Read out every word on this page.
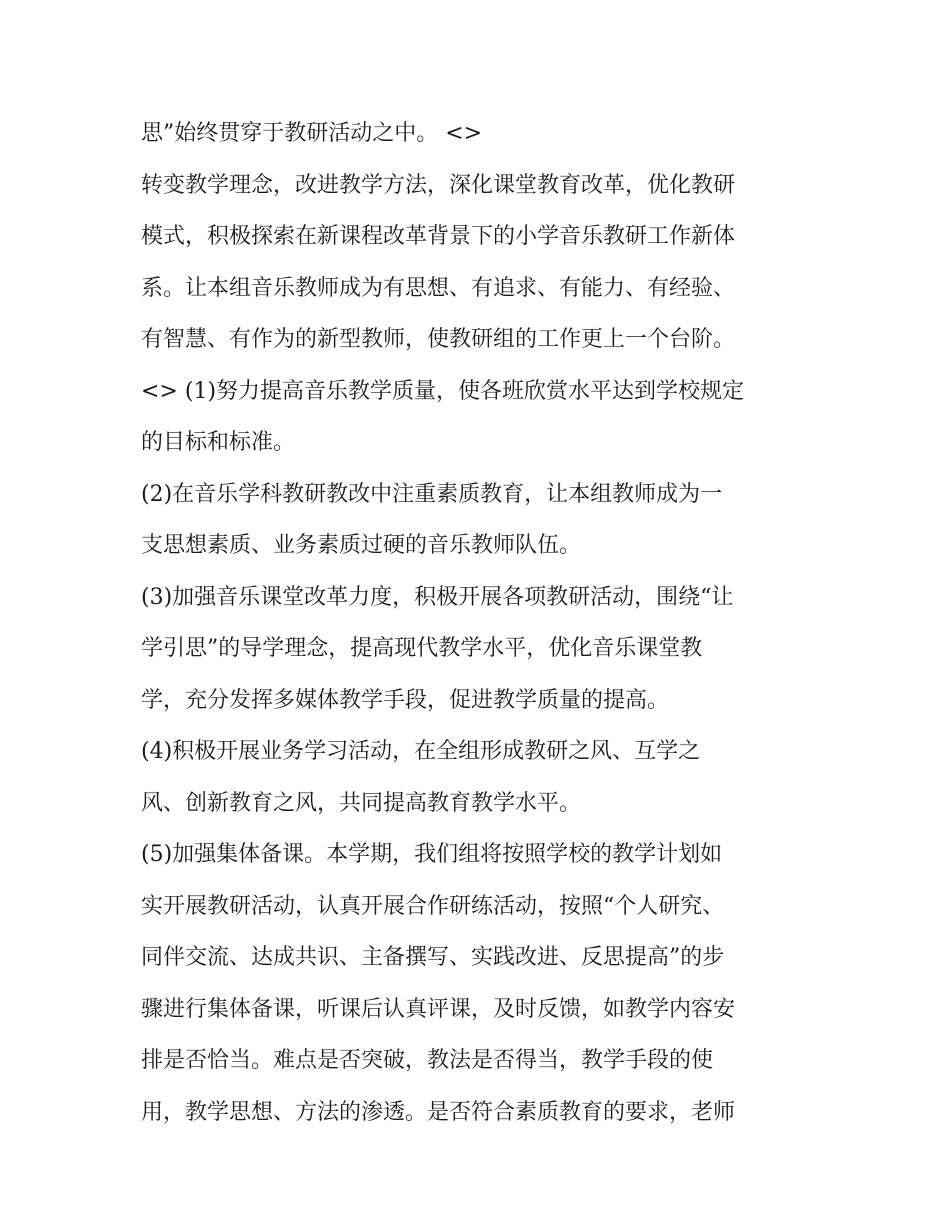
思”始终贯穿于教研活动之中。 <>
转变教学理念，改进教学方法，深化课堂教育改革，优化教研
模式，积极探索在新课程改革背景下的小学音乐教研工作新体
系。让本组音乐教师成为有思想、有追求、有能力、有经验、
有智慧、有作为的新型教师，使教研组的工作更上一个台阶。
<> (1)努力提高音乐教学质量，使各班欣赏水平达到学校规定
的目标和标准。
(2)在音乐学科教研教改中注重素质教育，让本组教师成为一
支思想素质、业务素质过硬的音乐教师队伍。
(3)加强音乐课堂改革力度，积极开展各项教研活动，围绕“让
学引思”的导学理念，提高现代教学水平，优化音乐课堂教
学，充分发挥多媒体教学手段，促进教学质量的提高。
(4)积极开展业务学习活动，在全组形成教研之风、互学之
风、创新教育之风，共同提高教育教学水平。
(5)加强集体备课。本学期，我们组将按照学校的教学计划如
实开展教研活动，认真开展合作研练活动，按照“个人研究、
同伴交流、达成共识、主备撰写、实践改进、反思提高”的步
骤进行集体备课，听课后认真评课，及时反馈，如教学内容安
排是否恰当。难点是否突破，教法是否得当，教学手段的使
用，教学思想、方法的渗透。是否符合素质教育的要求，老师
